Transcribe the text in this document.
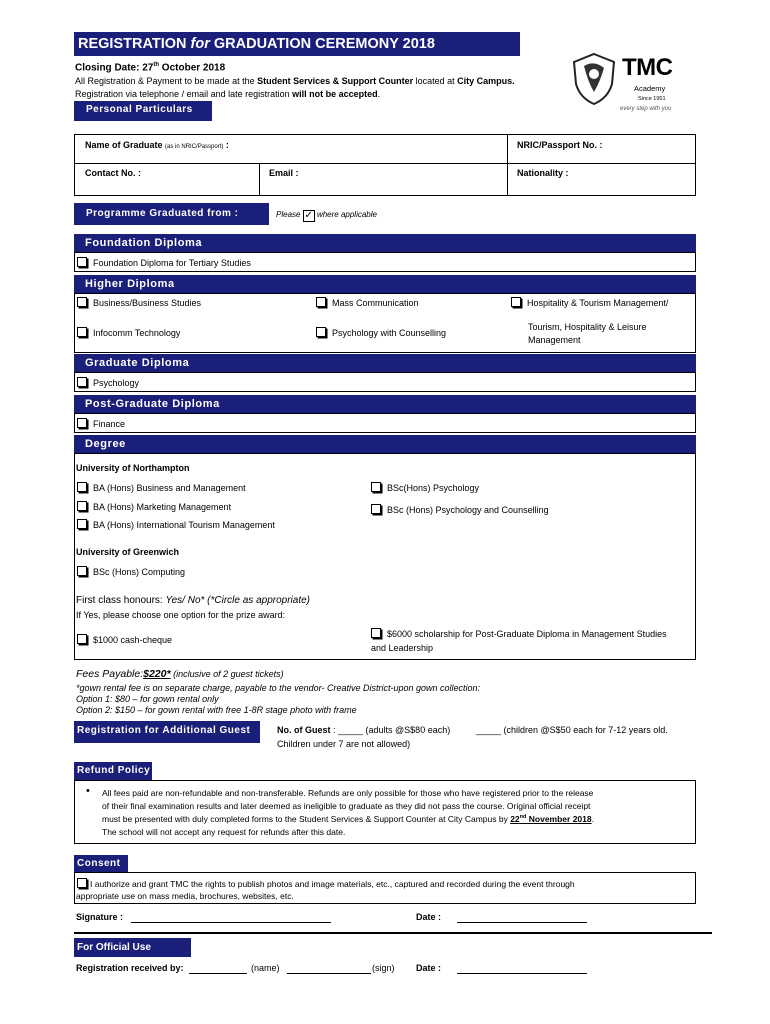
REGISTRATION for GRADUATION CEREMONY 2018
Closing Date: 27th October 2018
All Registration & Payment to be made at the Student Services & Support Counter located at City Campus.
Registration via telephone / email and late registration will not be accepted.
TMC
Academy
Since 1951
every step with you
Personal Particulars
Name of Graduate (as in NRIC/Passport) :	NRIC/Passport No. :
Contact No. :	Email :	Nationality :
Programme Graduated from :	Please ✓ where applicable
Foundation Diploma
Foundation Diploma for Tertiary Studies
Higher Diploma
Business/Business Studies	Mass Communication	Hospitality & Tourism Management/
Infocomm Technology	Psychology with Counselling
Tourism, Hospitality & Leisure
Management
Graduate Diploma
Psychology
Post-Graduate Diploma
Finance
Degree
University of Northampton
BA (Hons) Business and Management	BSc(Hons) Psychology
BA (Hons) Marketing Management	BSc (Hons) Psychology and Counselling
BA (Hons) International Tourism Management
University of Greenwich
BSc (Hons) Computing
First class honours: Yes/ No* (*Circle as appropriate)
If Yes, please choose one option for the prize award:
$1000 cash-cheque
$6000 scholarship for Post-Graduate Diploma in Management Studies
and Leadership
Fees Payable:$220* (inclusive of 2 guest tickets)
*gown rental fee is on separate charge, payable to the vendor- Creative District-upon gown collection:
Option 1: $80 – for gown rental only
Option 2: $150 – for gown rental with free 1-8R stage photo with frame
Registration for Additional Guest	No. of Guest : _____ (adults @S$80 each)	_____ (children @S$50 each for 7-12 years old.
Children under 7 are not allowed)
Refund Policy
• All fees paid are non-refundable and non-transferable. Refunds are only possible for those who have registered prior to the release
of their final examination results and later deemed as ineligible to graduate as they did not pass the course. Original official receipt
must be presented with duly completed forms to the Student Services & Support Counter at City Campus by 22nd November 2018.
The school will not accept any request for refunds after this date.
Consent
I authorize and grant TMC the rights to publish photos and image materials, etc., captured and recorded during the event through
appropriate use on mass media, brochures, websites, etc.
Signature :	Date :
For Official Use
Registration received by:	(name)	(sign) Date :
